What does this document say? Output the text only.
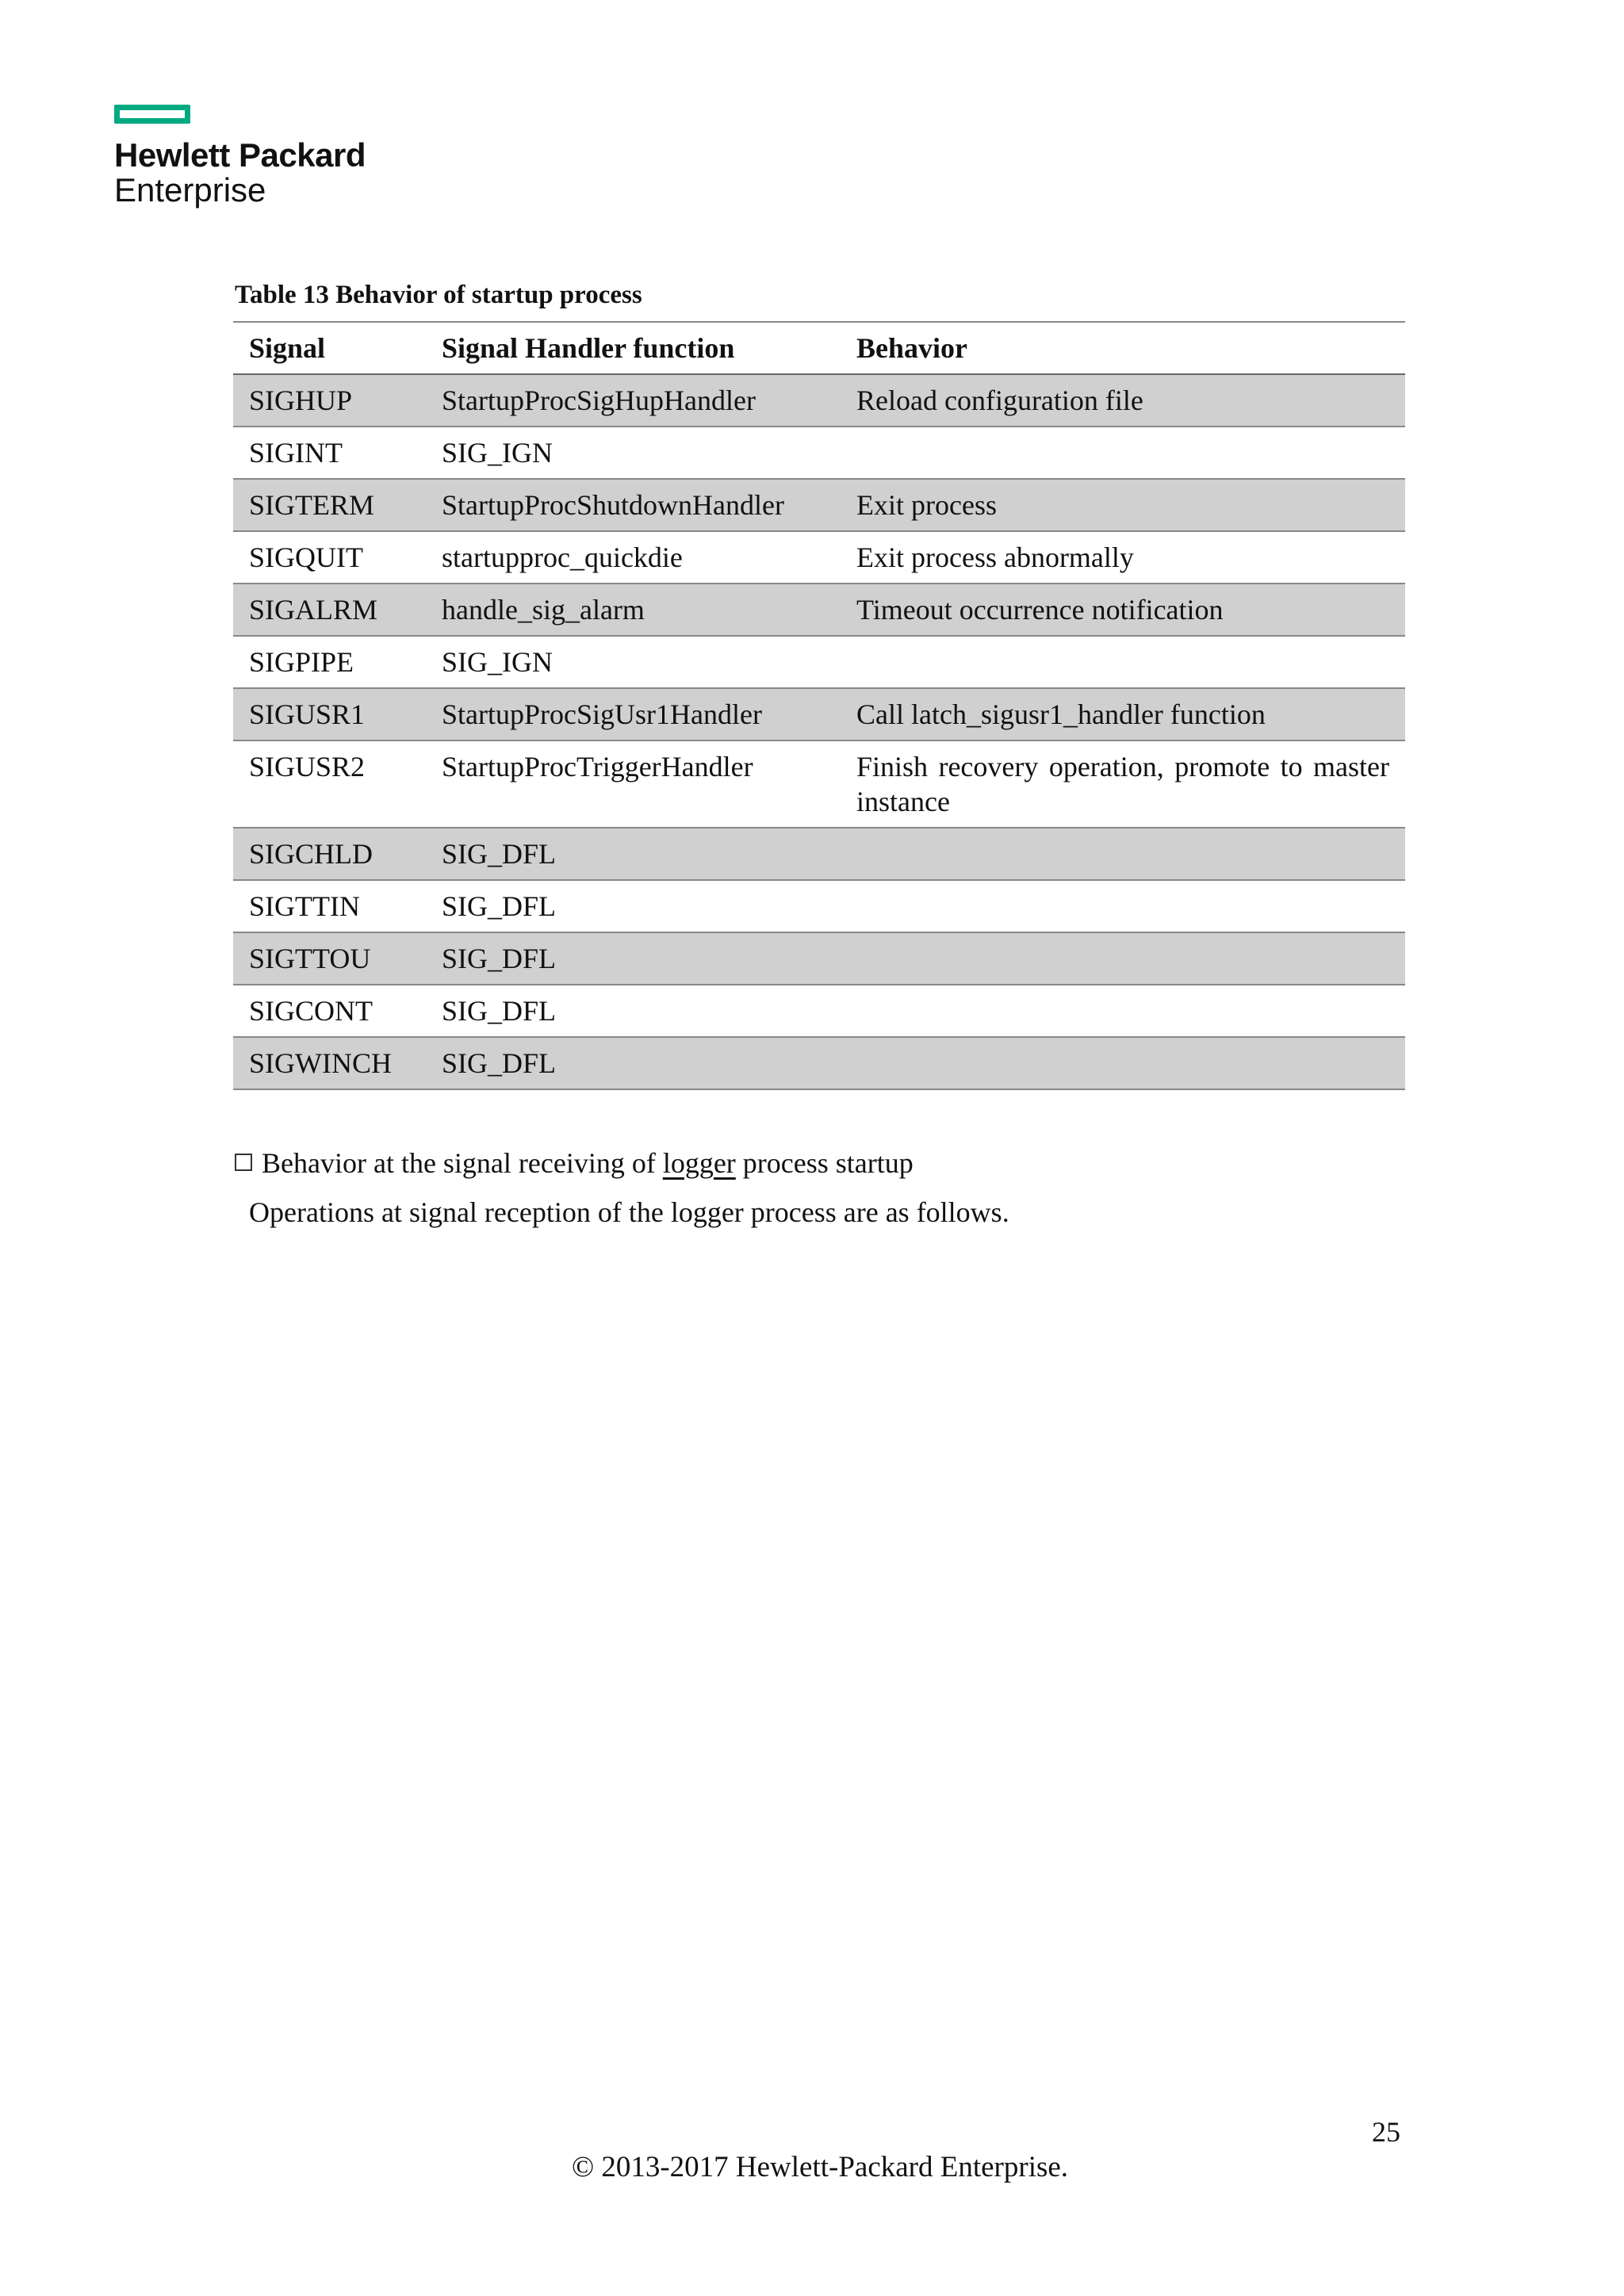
Hewlett Packard
Enterprise
Table 13 Behavior of startup process
Signal	Signal Handler function	Behavior
SIGHUP	StartupProcSigHupHandler	Reload configuration file
SIGINT	SIG_IGN	
SIGTERM	StartupProcShutdownHandler	Exit process
SIGQUIT	startupproc_quickdie	Exit process abnormally
SIGALRM	handle_sig_alarm	Timeout occurrence notification
SIGPIPE	SIG_IGN	
SIGUSR1	StartupProcSigUsr1Handler	Call latch_sigusr1_handler function
SIGUSR2	StartupProcTriggerHandler	Finish recovery operation, promote to master instance
SIGCHLD	SIG_DFL	
SIGTTIN	SIG_DFL	
SIGTTOU	SIG_DFL	
SIGCONT	SIG_DFL	
SIGWINCH	SIG_DFL	
Behavior at the signal receiving of logger process startup
Operations at signal reception of the logger process are as follows.
25
© 2013-2017 Hewlett-Packard Enterprise.
